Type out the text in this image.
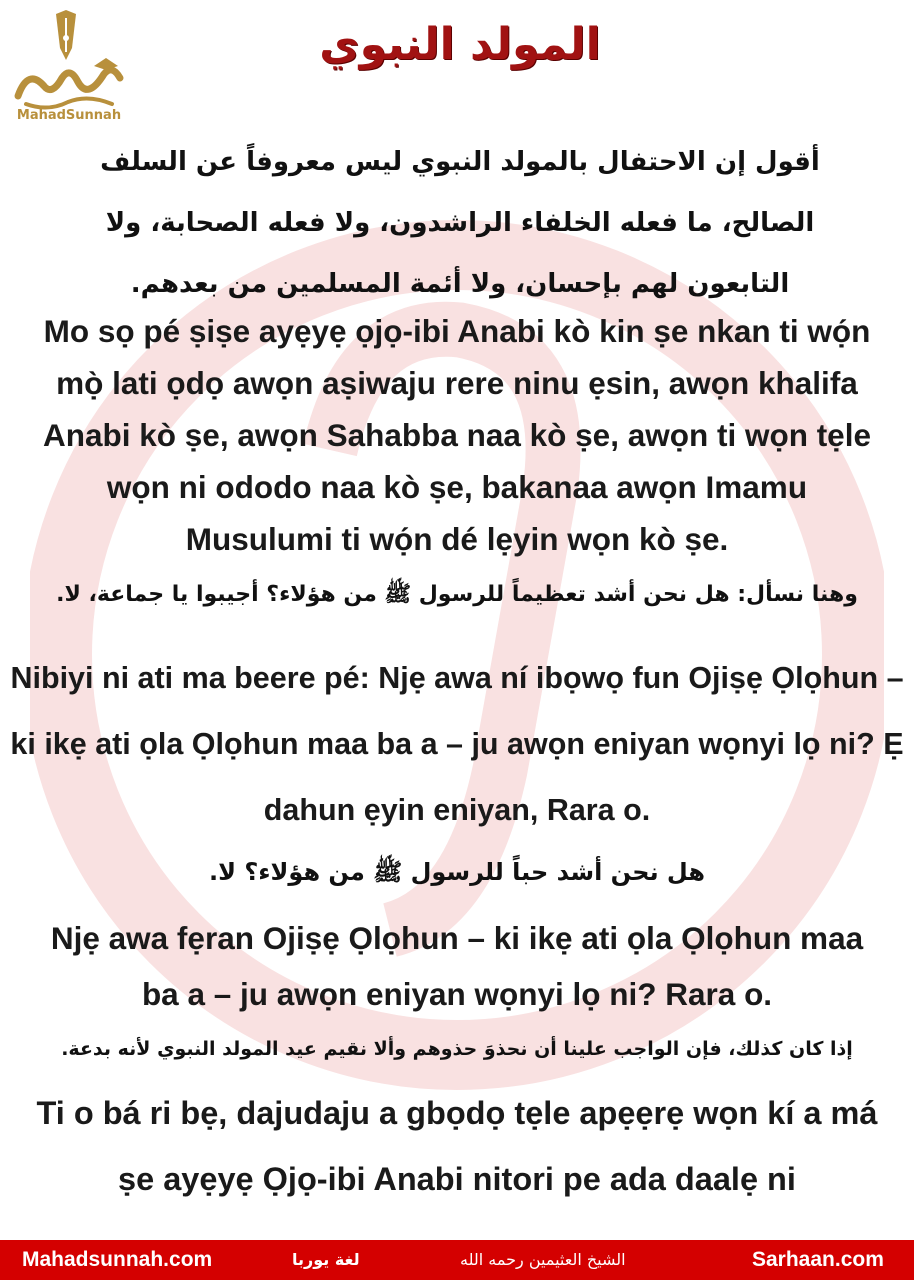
MahadSunnah
المولد النبوي
أقول إن الاحتفال بالمولد النبوي ليس معروفاً عن السلف الصالح، ما فعله الخلفاء الراشدون، ولا فعله الصحابة، ولا التابعون لهم بإحسان، ولا أئمة المسلمين من بعدهم.
Mo sọ pé ṣiṣe ayẹyẹ ọjọ-ibi Anabi kò kin ṣe nkan ti wọ́n mọ̀ lati ọdọ awọn aṣiwaju rere ninu ẹsin, awọn khalifa Anabi kò ṣe, awọn Sahabba naa kò ṣe, awọn ti wọn tẹle wọn ni ododo naa kò ṣe, bakanaa awọn Imamu Musulumi ti wọ́n dé lẹyin wọn kò ṣe.
وهنا نسأل: هل نحن أشد تعظيماً للرسول ﷺ من هؤلاء؟ أجيبوا يا جماعة، لا.
Nibiyi ni ati ma beere pé: Njẹ awa ní ibọwọ fun Ojiṣẹ Ọlọhun – ki ikẹ ati ọla Ọlọhun maa ba a – ju awọn eniyan wọnyi lọ ni? Ẹ dahun ẹyin eniyan, Rara o.
هل نحن أشد حباً للرسول ﷺ من هؤلاء؟ لا.
Njẹ awa fẹran Ojiṣẹ Ọlọhun – ki ikẹ ati ọla Ọlọhun maa ba a – ju awọn eniyan wọnyi lọ ni? Rara o.
إذا كان كذلك، فإن الواجب علينا أن نحذوَ حذوهم وألا نقيم عيد المولد النبوي لأنه بدعة.
Ti o bá ri bẹ, dajudaju a gbọdọ tẹle apẹẹrẹ wọn kí a má ṣe ayẹyẹ Ọjọ-ibi Anabi nitori pe ada daalẹ ni
Mahadsunnah.com	لغة يوربا	الشيخ العثيمين رحمه الله	Sarhaan.com
